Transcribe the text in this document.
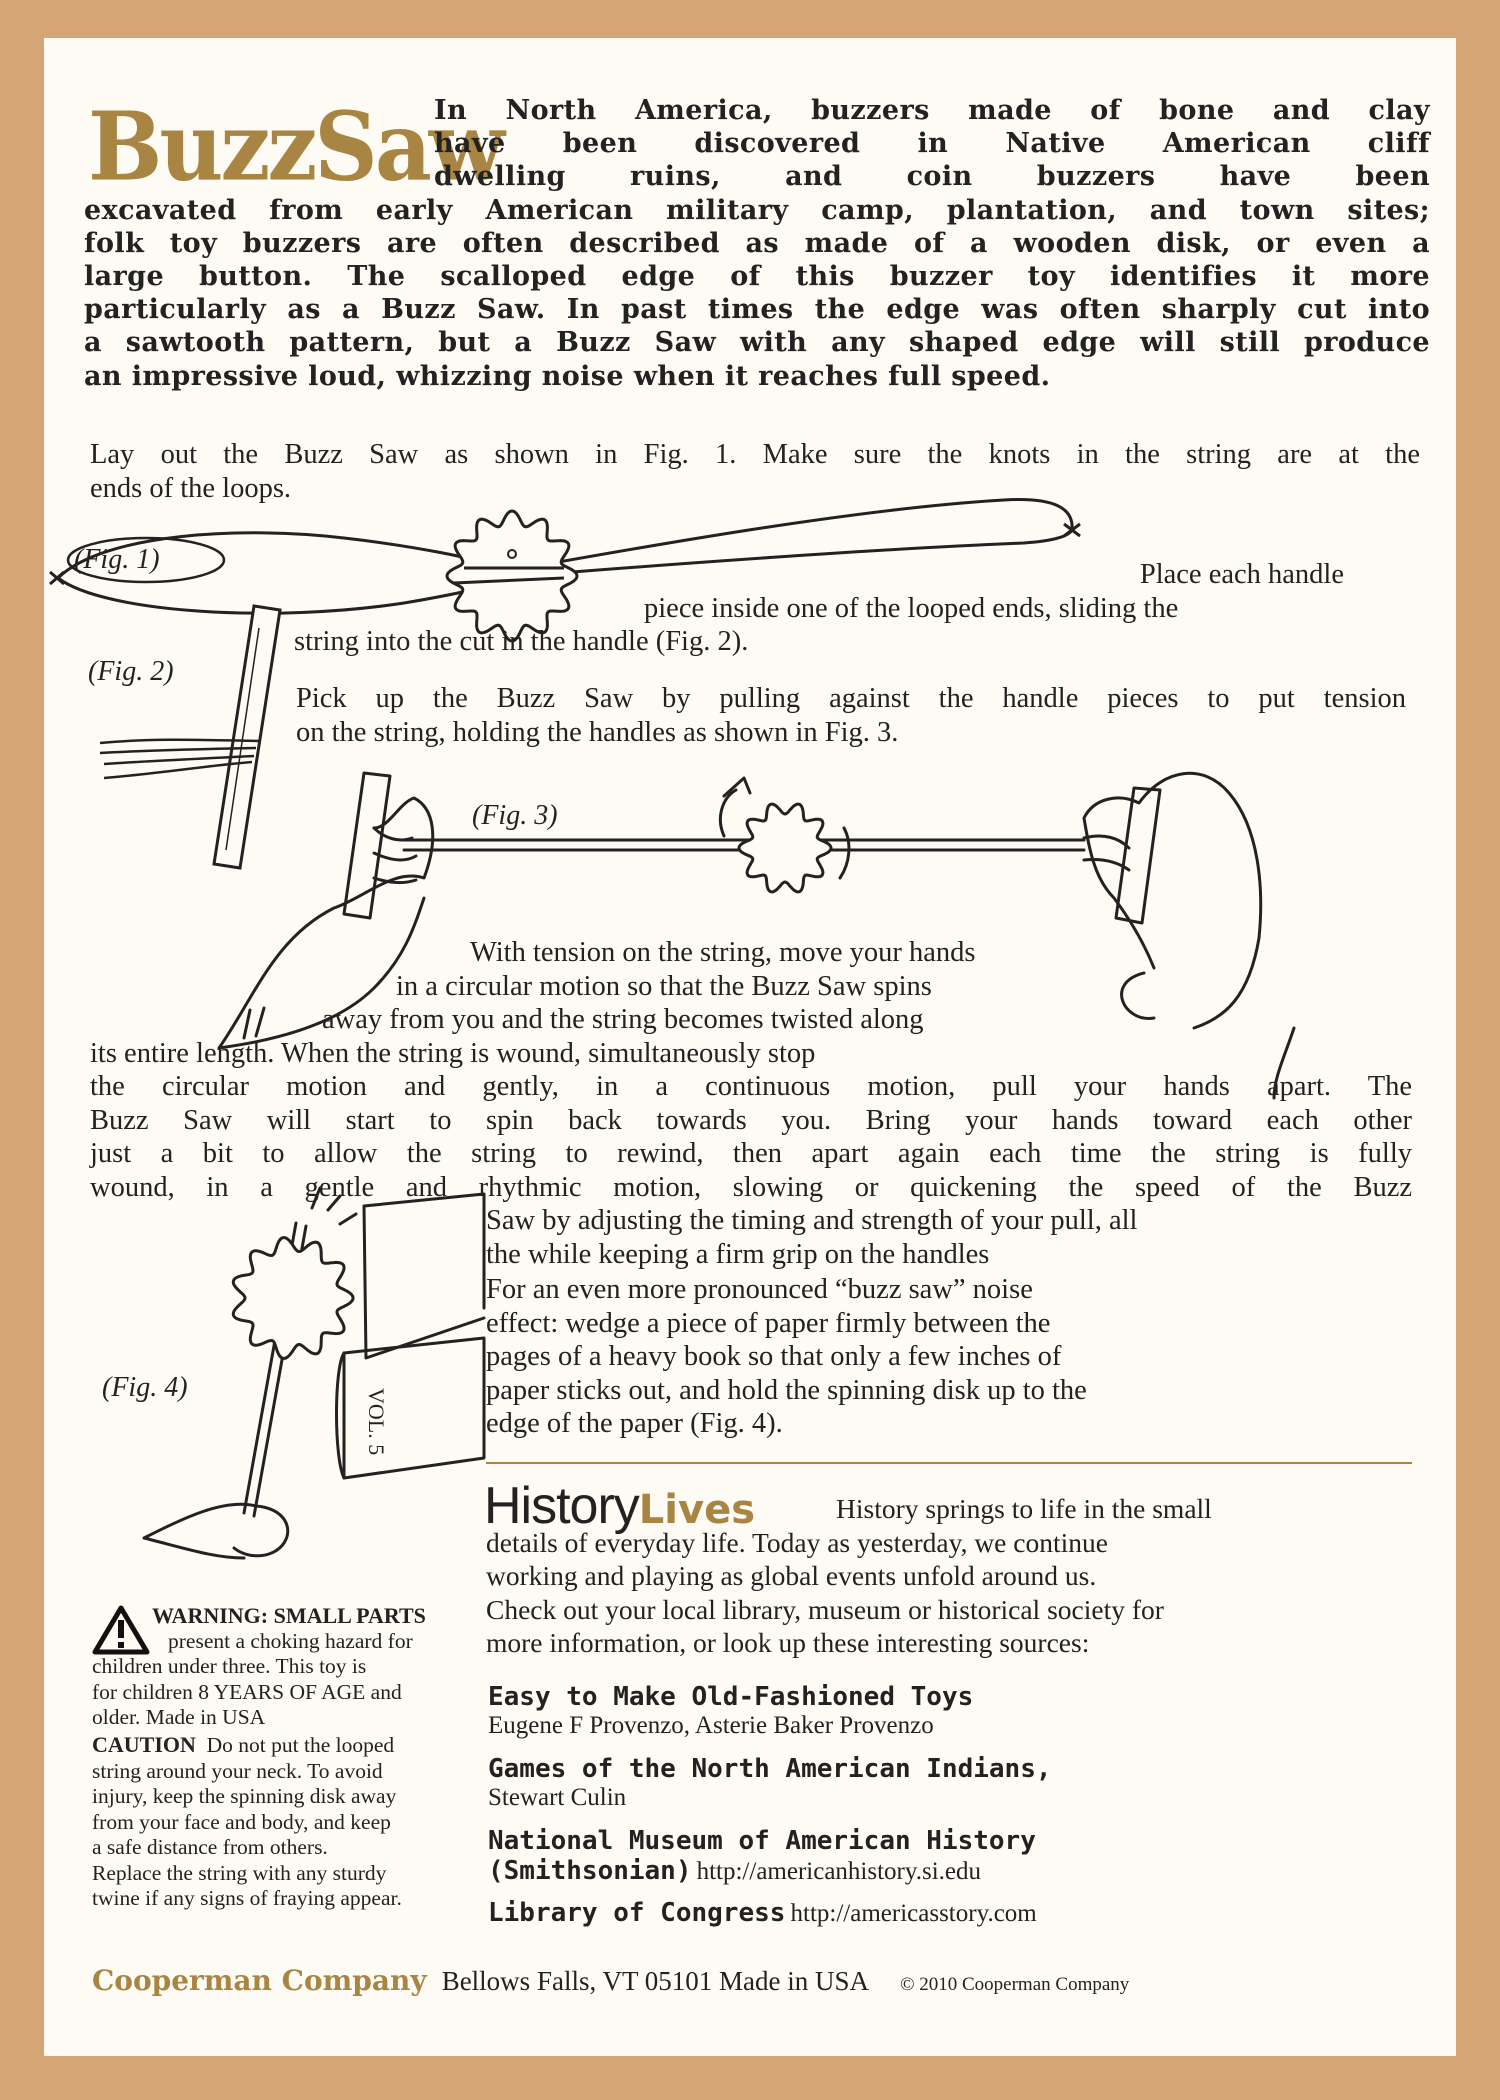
BuzzSaw
In North America, buzzers made of bone and clay
have been discovered in Native American cliff
dwelling ruins, and coin buzzers have been
excavated from early American military camp, plantation, and town sites;
folk toy buzzers are often described as made of a wooden disk, or even a
large button. The scalloped edge of this buzzer toy identifies it more
particularly as a Buzz Saw. In past times the edge was often sharply cut into
a sawtooth pattern, but a Buzz Saw with any shaped edge will still produce
an impressive loud, whizzing noise when it reaches full speed.
Lay out the Buzz Saw as shown in Fig. 1. Make sure the knots in the string are at the
ends of the loops.
(Fig. 1)	Place each handle
piece inside one of the looped ends, sliding the
string into the cut in the handle (Fig. 2).
(Fig. 2)
Pick up the Buzz Saw by pulling against the handle pieces to put tension
on the string, holding the handles as shown in Fig. 3.
(Fig. 3)
With tension on the string, move your hands
in a circular motion so that the Buzz Saw spins
away from you and the string becomes twisted along
its entire length. When the string is wound, simultaneously stop
the circular motion and gently, in a continuous motion, pull your hands apart. The
Buzz Saw will start to spin back towards you. Bring your hands toward each other
just a bit to allow the string to rewind, then apart again each time the string is fully
wound, in a gentle and rhythmic motion, slowing or quickening the speed of the Buzz
Saw by adjusting the timing and strength of your pull, all
the while keeping a firm grip on the handles
VOL. 5
(Fig. 4)
For an even more pronounced “buzz saw” noise
effect: wedge a piece of paper firmly between the
pages of a heavy book so that only a few inches of
paper sticks out, and hold the spinning disk up to the
edge of the paper (Fig. 4).
HistoryLives	History springs to life in the small
details of everyday life. Today as yesterday, we continue
working and playing as global events unfold around us.
Check out your local library, museum or historical society for
more information, or look up these interesting sources:
Easy to Make Old-Fashioned Toys
Eugene F Provenzo, Asterie Baker Provenzo
Games of the North American Indians,
Stewart Culin
National Museum of American History
(Smithsonian) http://americanhistory.si.edu
Library of Congress http://americasstory.com
WARNING: SMALL PARTS
present a choking hazard for
children under three. This toy is
for children 8 YEARS OF AGE and
older. Made in USA
CAUTION Do not put the looped
string around your neck. To avoid
injury, keep the spinning disk away
from your face and body, and keep
a safe distance from others.
Replace the string with any sturdy
twine if any signs of fraying appear.
Cooperman Company Bellows Falls, VT 05101 Made in USA © 2010 Cooperman Company
